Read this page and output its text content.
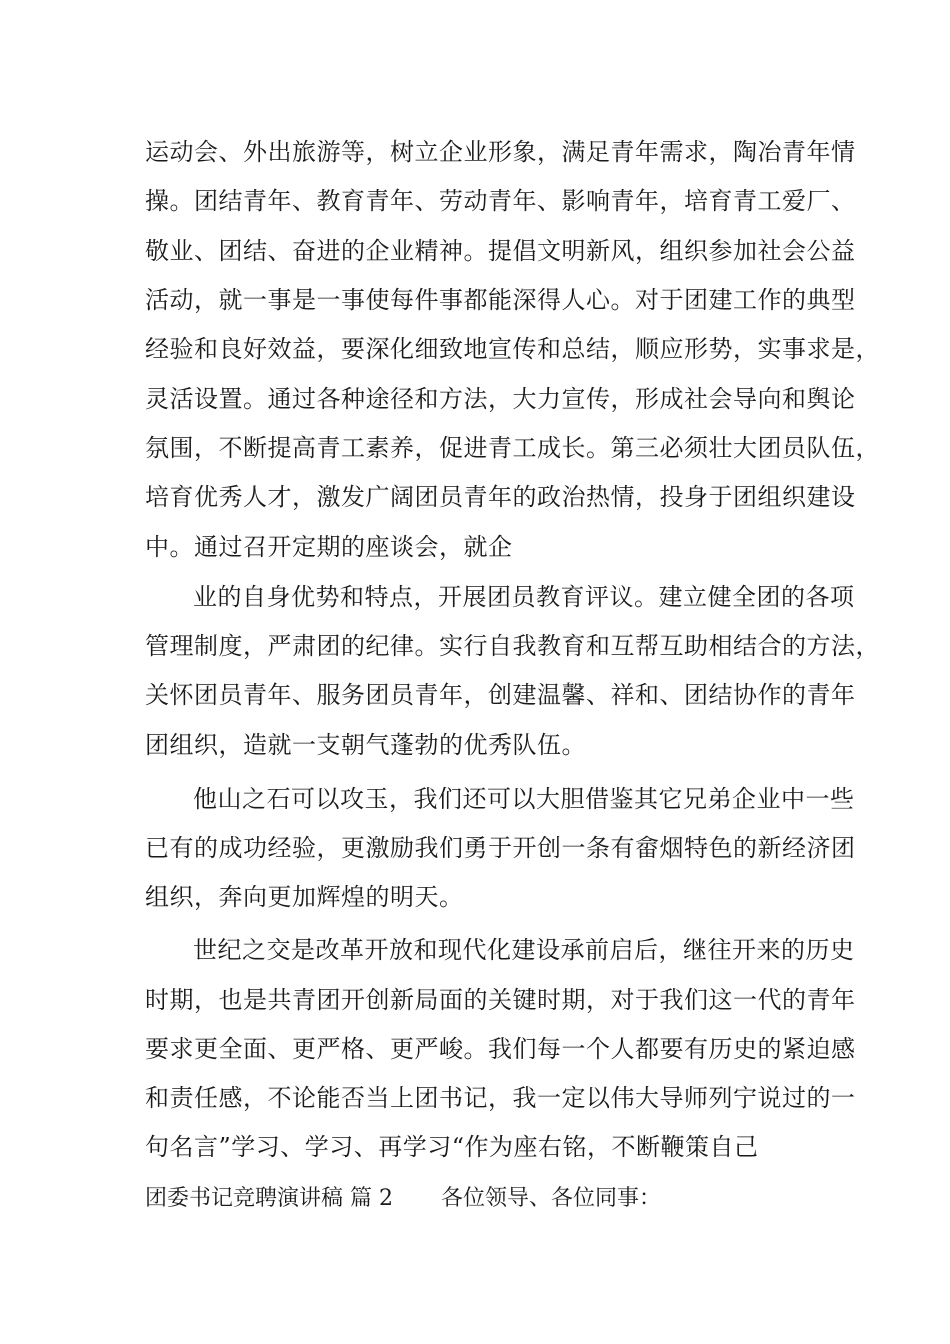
运动会、外出旅游等，树立企业形象，满足青年需求，陶冶青年情
操。团结青年、教育青年、劳动青年、影响青年，培育青工爱厂、
敬业、团结、奋进的企业精神。提倡文明新风，组织参加社会公益
活动，就一事是一事使每件事都能深得人心。对于团建工作的典型
经验和良好效益，要深化细致地宣传和总结，顺应形势，实事求是，
灵活设置。通过各种途径和方法，大力宣传，形成社会导向和舆论
氛围，不断提高青工素养，促进青工成长。第三必须壮大团员队伍，
培育优秀人才，激发广阔团员青年的政治热情，投身于团组织建设
中。通过召开定期的座谈会，就企
业的自身优势和特点，开展团员教育评议。建立健全团的各项
管理制度，严肃团的纪律。实行自我教育和互帮互助相结合的方法，
关怀团员青年、服务团员青年，创建温馨、祥和、团结协作的青年
团组织，造就一支朝气蓬勃的优秀队伍。
他山之石可以攻玉，我们还可以大胆借鉴其它兄弟企业中一些
已有的成功经验，更激励我们勇于开创一条有畲烟特色的新经济团
组织，奔向更加辉煌的明天。
世纪之交是改革开放和现代化建设承前启后，继往开来的历史
时期，也是共青团开创新局面的关键时期，对于我们这一代的青年
要求更全面、更严格、更严峻。我们每一个人都要有历史的紧迫感
和责任感，不论能否当上团书记，我一定以伟大导师列宁说过的一
句名言”学习、学习、再学习“作为座右铭，不断鞭策自己
团委书记竞聘演讲稿 篇 2 各位领导、各位同事：
